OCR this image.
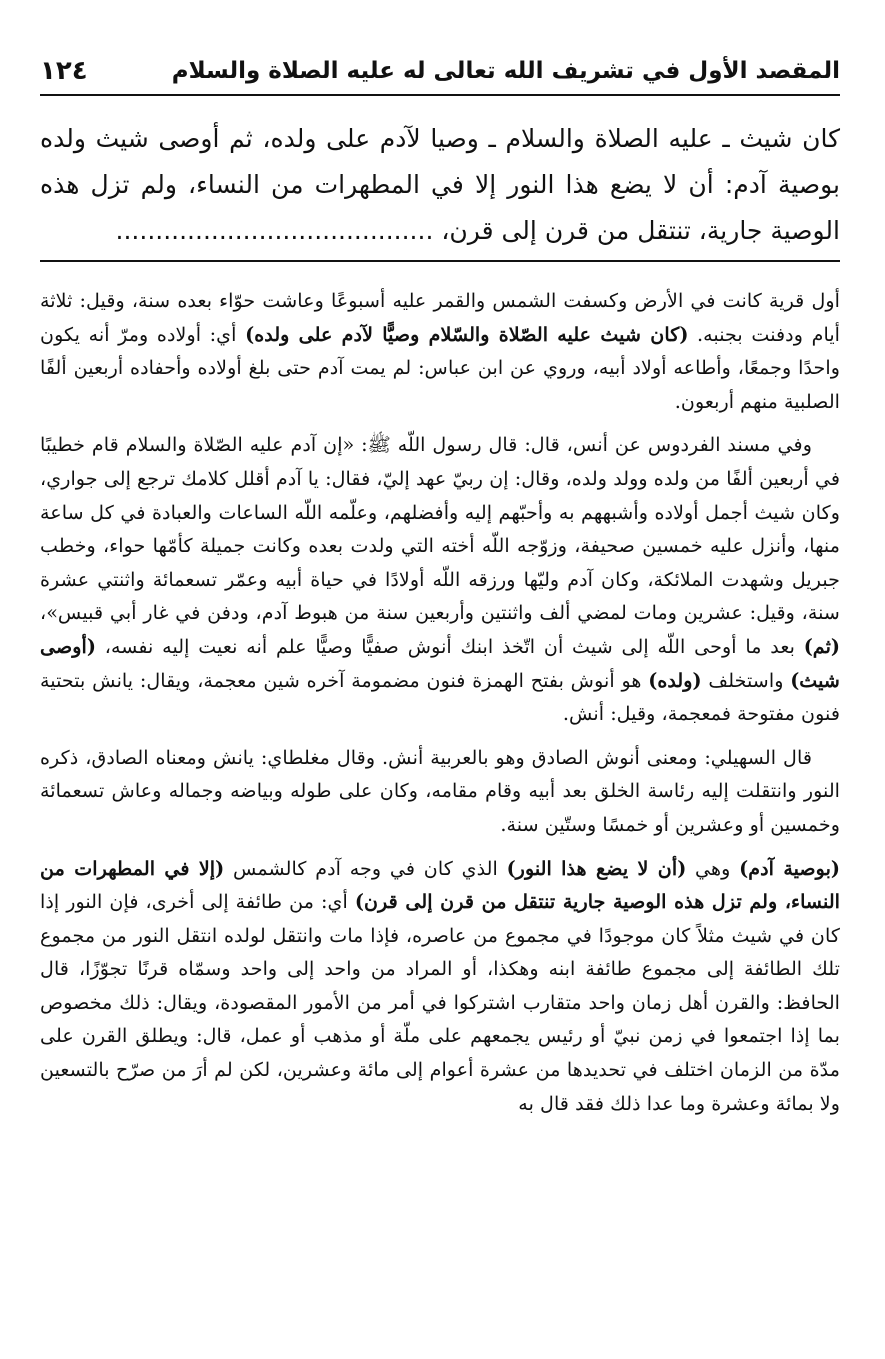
١٢٤	المقصد الأول في تشريف الله تعالى له عليه الصلاة والسلام
كان شيث ـ عليه الصلاة والسلام ـ وصيا لآدم على ولده، ثم أوصى شيث ولده بوصية آدم: أن لا يضع هذا النور إلا في المطهرات من النساء، ولم تزل هذه الوصية جارية، تنتقل من قرن إلى قرن، ........................................

أول قرية كانت في الأرض وكسفت الشمس والقمر عليه أسبوعًا وعاشت حوّاء بعده سنة، وقيل: ثلاثة أيام ودفنت بجنبه. (كان شيث عليه الصّلاة والسّلام وصيًّا لآدم على ولده) أي: أولاده ومرّ أنه يكون واحدًا وجمعًا، وأطاعه أولاد أبيه، وروي عن ابن عباس: لم يمت آدم حتى بلغ أولاده وأحفاده أربعين ألفًا الصلبية منهم أربعون.

وفي مسند الفردوس عن أنس، قال: قال رسول اللّه ﷺ: «إن آدم عليه الصّلاة والسلام قام خطيبًا في أربعين ألفًا من ولده وولد ولده، وقال: إن ربيّ عهد إليّ، فقال: يا آدم أقلل كلامك ترجع إلى جواري، وكان شيث أجمل أولاده وأشبههم به وأحبّهم إليه وأفضلهم، وعلّمه اللّه الساعات والعبادة في كل ساعة منها، وأنزل عليه خمسين صحيفة، وزوّجه اللّه أخته التي ولدت بعده وكانت جميلة كأمّها حواء، وخطب جبريل وشهدت الملائكة، وكان آدم وليّها ورزقه اللّه أولادًا في حياة أبيه وعمّر تسعمائة واثنتي عشرة سنة، وقيل: عشرين ومات لمضي ألف واثنتين وأربعين سنة من هبوط آدم، ودفن في غار أبي قبيس»، (ثم) بعد ما أوحى اللّه إلى شيث أن اتّخذ ابنك أنوش صفيًّا وصيًّا علم أنه نعيت إليه نفسه، (أوصى شيث) واستخلف (ولده) هو أنوش بفتح الهمزة فنون مضمومة آخره شين معجمة، ويقال: يانش بتحتية فنون مفتوحة فمعجمة، وقيل: أنش.

قال السهيلي: ومعنى أنوش الصادق وهو بالعربية أنش. وقال مغلطاي: يانش ومعناه الصادق، ذكره النور وانتقلت إليه رئاسة الخلق بعد أبيه وقام مقامه، وكان على طوله وبياضه وجماله وعاش تسعمائة وخمسين أو وعشرين أو خمسًا وستّين سنة.

(بوصية آدم) وهي (أن لا يضع هذا النور) الذي كان في وجه آدم كالشمس (إلا في المطهرات من النساء، ولم تزل هذه الوصية جارية تنتقل من قرن إلى قرن) أي: من طائفة إلى أخرى، فإن النور إذا كان في شيث مثلاً كان موجودًا في مجموع من عاصره، فإذا مات وانتقل لولده انتقل النور من مجموع تلك الطائفة إلى مجموع طائفة ابنه وهكذا، أو المراد من واحد إلى واحد وسمّاه قرنًا تجوّزًا، قال الحافظ: والقرن أهل زمان واحد متقارب اشتركوا في أمر من الأمور المقصودة، ويقال: ذلك مخصوص بما إذا اجتمعوا في زمن نبيّ أو رئيس يجمعهم على ملّة أو مذهب أو عمل، قال: ويطلق القرن على مدّة من الزمان اختلف في تحديدها من عشرة أعوام إلى مائة وعشرين، لكن لم أرَ من صرّح بالتسعين ولا بمائة وعشرة وما عدا ذلك فقد قال به
